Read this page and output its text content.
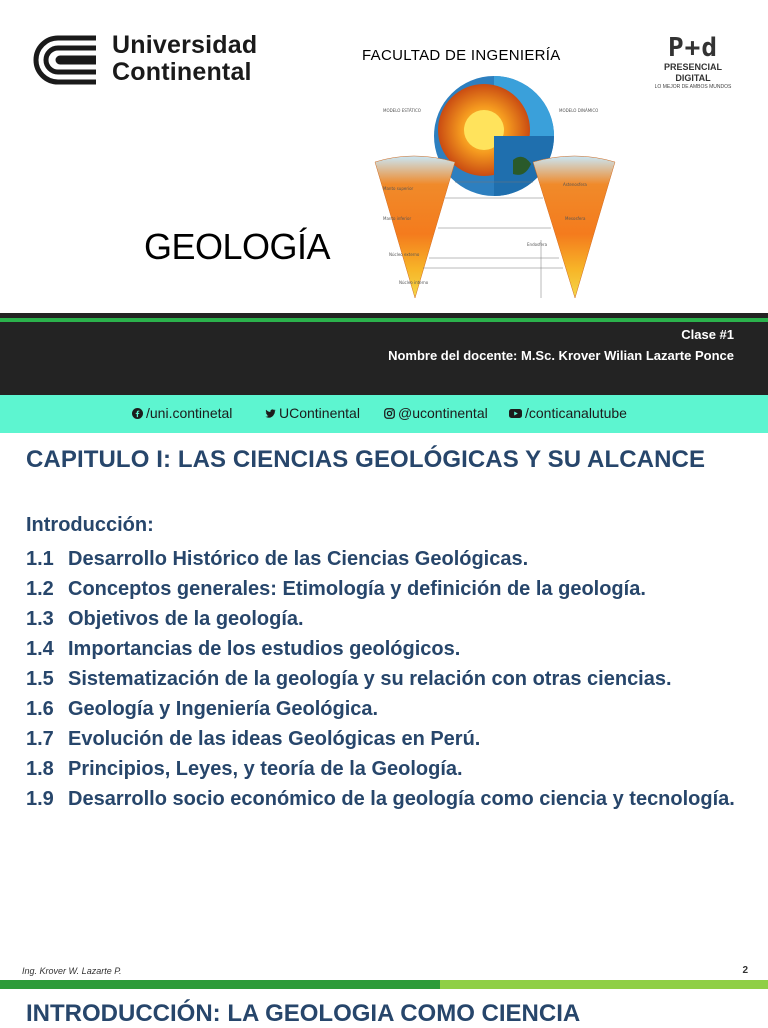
Universidad
Continental
FACULTAD DE INGENIERÍA	P+d
PRESENCIAL DIGITAL
LO MEJOR DE AMBOS MUNDOS
GEOLOGÍA
MODELO ESTÁTICO	MODELO DINÁMICO
Manto superior
Manto inferior
Núcleo externo
Núcleo interno
Astenosfera
Mesosfera
Endosfera
Clase #1
Nombre del docente: M.Sc. Krover Wilian Lazarte Ponce
/uni.continetal	UContinental	@ucontinental	/conticanalutube
CAPITULO I: LAS CIENCIAS GEOLÓGICAS Y SU ALCANCE
Introducción:
1.1 Desarrollo Histórico de las Ciencias Geológicas.
1.2 Conceptos generales: Etimología y definición de la geología.
1.3 Objetivos de la geología.
1.4 Importancias de los estudios geológicos.
1.5 Sistematización de la geología y su relación con otras ciencias.
1.6 Geología y Ingeniería Geológica.
1.7 Evolución de las ideas Geológicas en Perú.
1.8 Principios, Leyes, y teoría de la Geología.
1.9 Desarrollo socio económico de la geología como ciencia y tecnología.
Ing. Krover W. Lazarte P.	2
INTRODUCCIÓN: LA GEOLOGIA COMO CIENCIA
